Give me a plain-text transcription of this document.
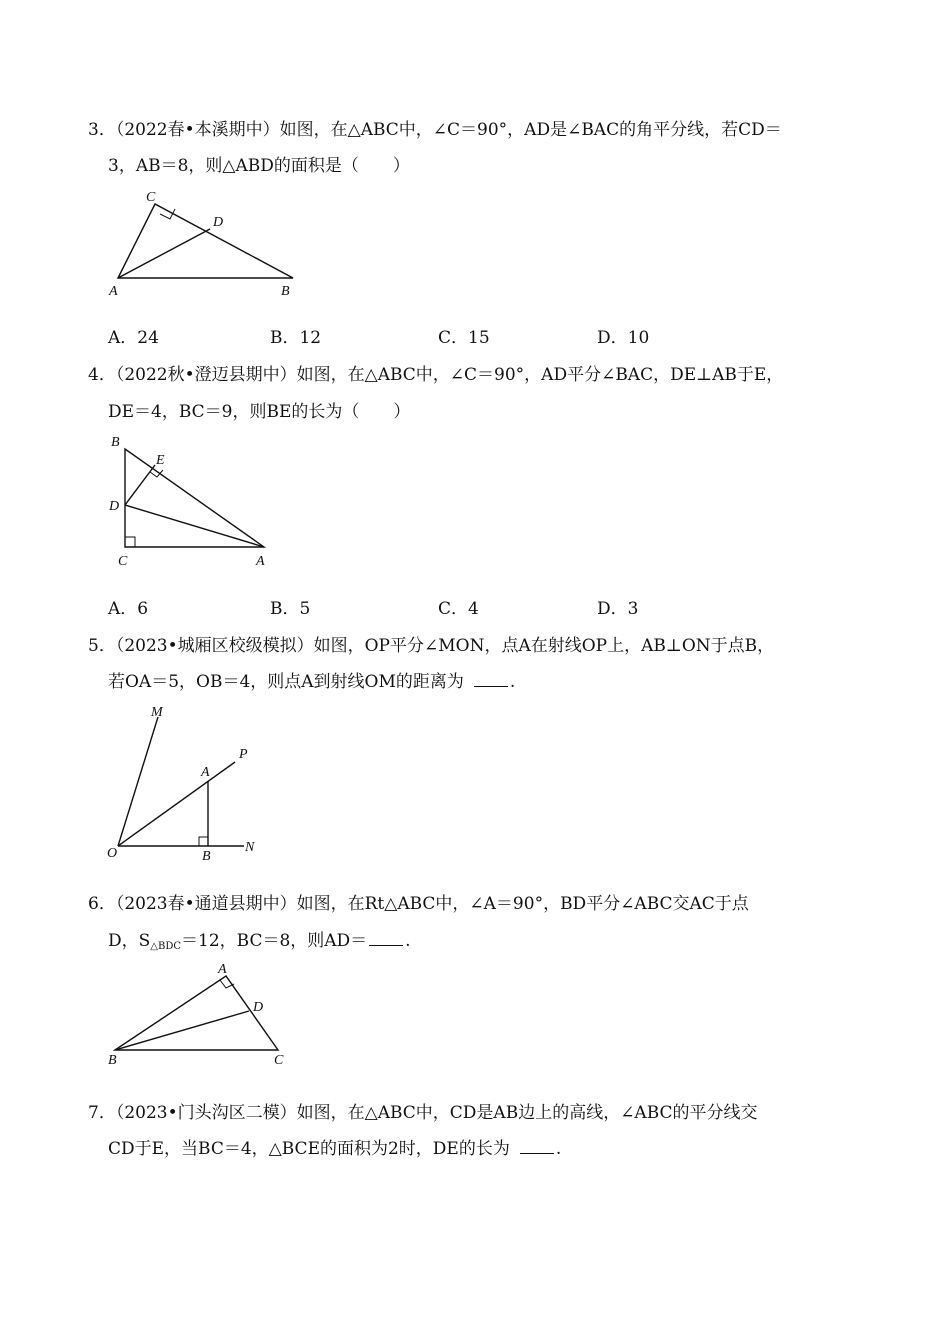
3．（2022春•本溪期中）如图，在△ABC中，∠C＝90°，AD是∠BAC的角平分线，若CD＝
3，AB＝8，则△ABD的面积是（　　）
C
D
A	B
A．24	B．12	C．15	D．10
4．（2022秋•澄迈县期中）如图，在△ABC中，∠C＝90°，AD平分∠BAC，DE⊥AB于E，
DE＝4，BC＝9，则BE的长为（　　）
B
E
D
C	A
A．6	B．5	C．4	D．3
5．（2023•城厢区校级模拟）如图，OP平分∠MON，点A在射线OP上，AB⊥ON于点B，
若OA＝5，OB＝4，则点A到射线OM的距离为	.
M
P
A
O	B
N
6．（2023春•通道县期中）如图，在Rt△ABC中，∠A＝90°，BD平分∠ABC交AC于点
D，$S_{\triangle BDC}=12$，BC＝8，则AD＝ .
A
D
B	C
7．（2023•门头沟区二模）如图，在△ABC中，CD是AB边上的高线，∠ABC的平分线交
CD于E，当BC＝4，△BCE的面积为2时，DE的长为	.
